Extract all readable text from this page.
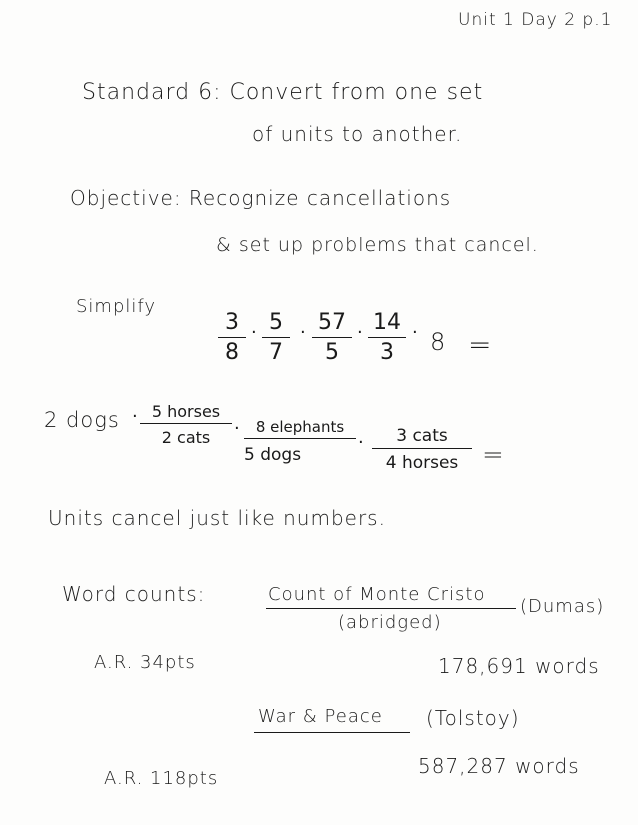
Unit 1 Day 2 p.1
Standard 6: Convert from one set
of units to another.
Objective: Recognize cancellations
& set up problems that cancel.
Simplify
3
8
· 5
7
· 57
5
· 14
3
· 8 =
2 dogs · 5 horses
2 cats	·	8 elephants
5 dogs
·	3 cats
4 horses =
Units cancel just like numbers.
Word counts:	Count of Monte Cristo
(abridged)
(Dumas)
A.R. 34pts	178,691 words
War & Peace (Tolstoy)
587,287 words
A.R. 118pts
